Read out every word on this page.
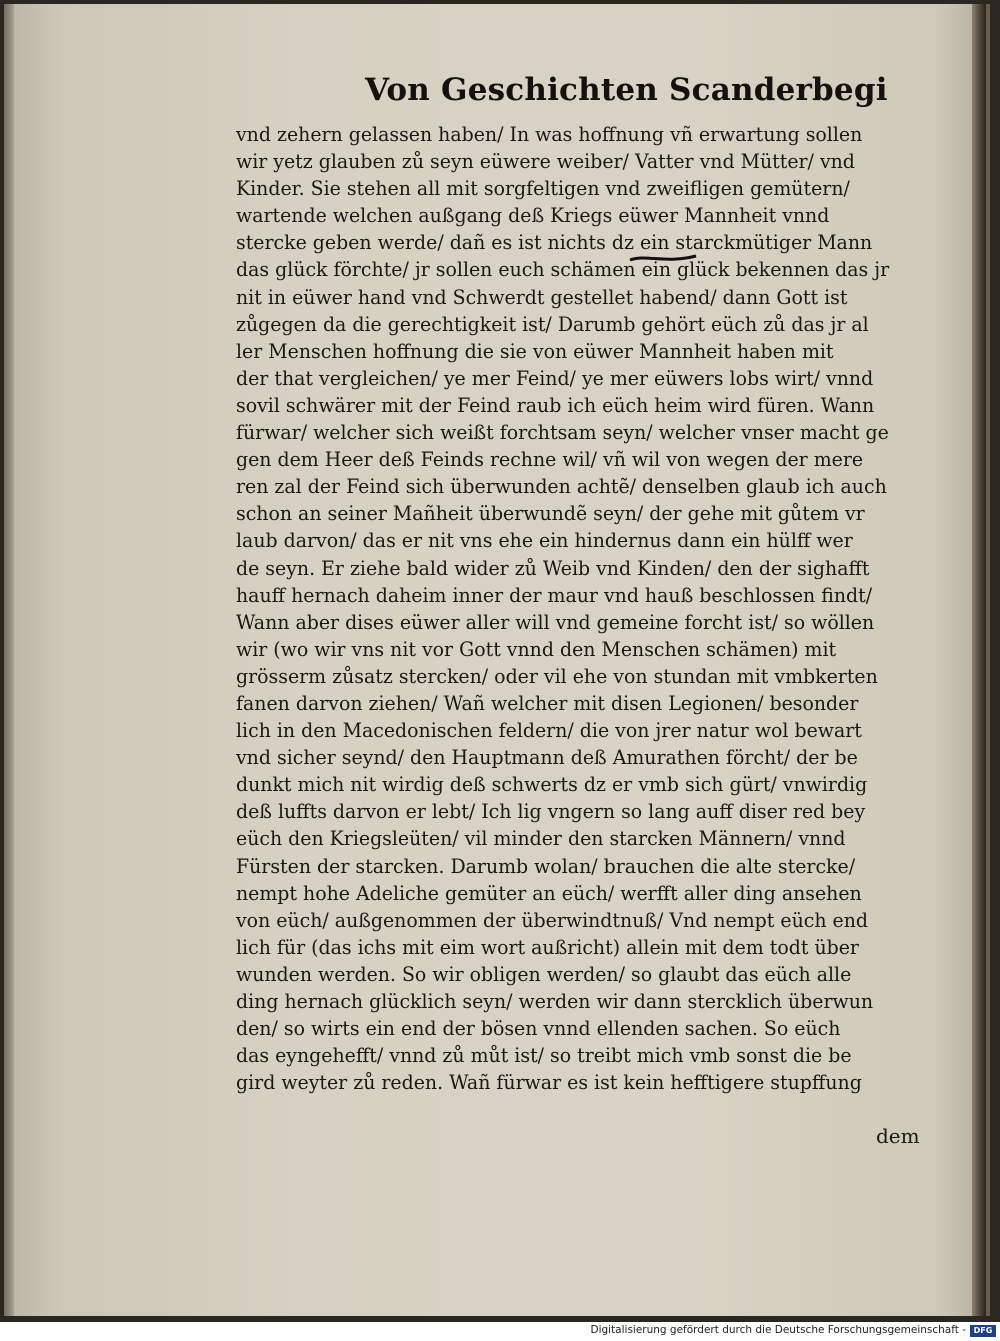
Von Geschichten Scanderbegi
vnd zehern gelassen haben/ In was hoffnung vñ erwartung sollen
wir yetz glauben zů seyn eüwere weiber/ Vatter vnd Mütter/ vnd
Kinder. Sie stehen all mit sorgfeltigen vnd zweifligen gemütern/
wartende welchen außgang deß Kriegs eüwer Mannheit vnnd
stercke geben werde/ dañ es ist nichts dz ein starckmütiger Mann
das glück förchte/ jr sollen euch schämen ein glück bekennen das jr
nit in eüwer hand vnd Schwerdt gestellet habend/ dann Gott ist
zůgegen da die gerechtigkeit ist/ Darumb gehört eüch zů das jr al
ler Menschen hoffnung die sie von eüwer Mannheit haben mit
der that vergleichen/ ye mer Feind/ ye mer eüwers lobs wirt/ vnnd
sovil schwärer mit der Feind raub ich eüch heim wird füren. Wann
fürwar/ welcher sich weißt forchtsam seyn/ welcher vnser macht ge
gen dem Heer deß Feinds rechne wil/ vñ wil von wegen der mere
ren zal der Feind sich überwunden achtẽ/ denselben glaub ich auch
schon an seiner Mañheit überwundẽ seyn/ der gehe mit gůtem vr
laub darvon/ das er nit vns ehe ein hindernus dann ein hülff wer
de seyn. Er ziehe bald wider zů Weib vnd Kinden/ den der sighafft
hauff hernach daheim inner der maur vnd hauß beschlossen findt/
Wann aber dises eüwer aller will vnd gemeine forcht ist/ so wöllen
wir (wo wir vns nit vor Gott vnnd den Menschen schämen) mit
grösserm zůsatz stercken/ oder vil ehe von stundan mit vmbkerten
fanen darvon ziehen/ Wañ welcher mit disen Legionen/ besonder
lich in den Macedonischen feldern/ die von jrer natur wol bewart
vnd sicher seynd/ den Hauptmann deß Amurathen förcht/ der be
dunkt mich nit wirdig deß schwerts dz er vmb sich gürt/ vnwirdig
deß luffts darvon er lebt/ Ich lig vngern so lang auff diser red bey
eüch den Kriegsleüten/ vil minder den starcken Männern/ vnnd
Fürsten der starcken. Darumb wolan/ brauchen die alte stercke/
nempt hohe Adeliche gemüter an eüch/ werfft aller ding ansehen
von eüch/ außgenommen der überwindtnuß/ Vnd nempt eüch end
lich für (das ichs mit eim wort außricht) allein mit dem todt über
wunden werden. So wir obligen werden/ so glaubt das eüch alle
ding hernach glücklich seyn/ werden wir dann stercklich überwun
den/ so wirts ein end der bösen vnnd ellenden sachen. So eüch
das eyngehefft/ vnnd zů můt ist/ so treibt mich vmb sonst die be
gird weyter zů reden. Wañ fürwar es ist kein hefftigere stupffung
dem
Digitalisierung gefördert durch die Deutsche Forschungsgemeinschaft - DFG
